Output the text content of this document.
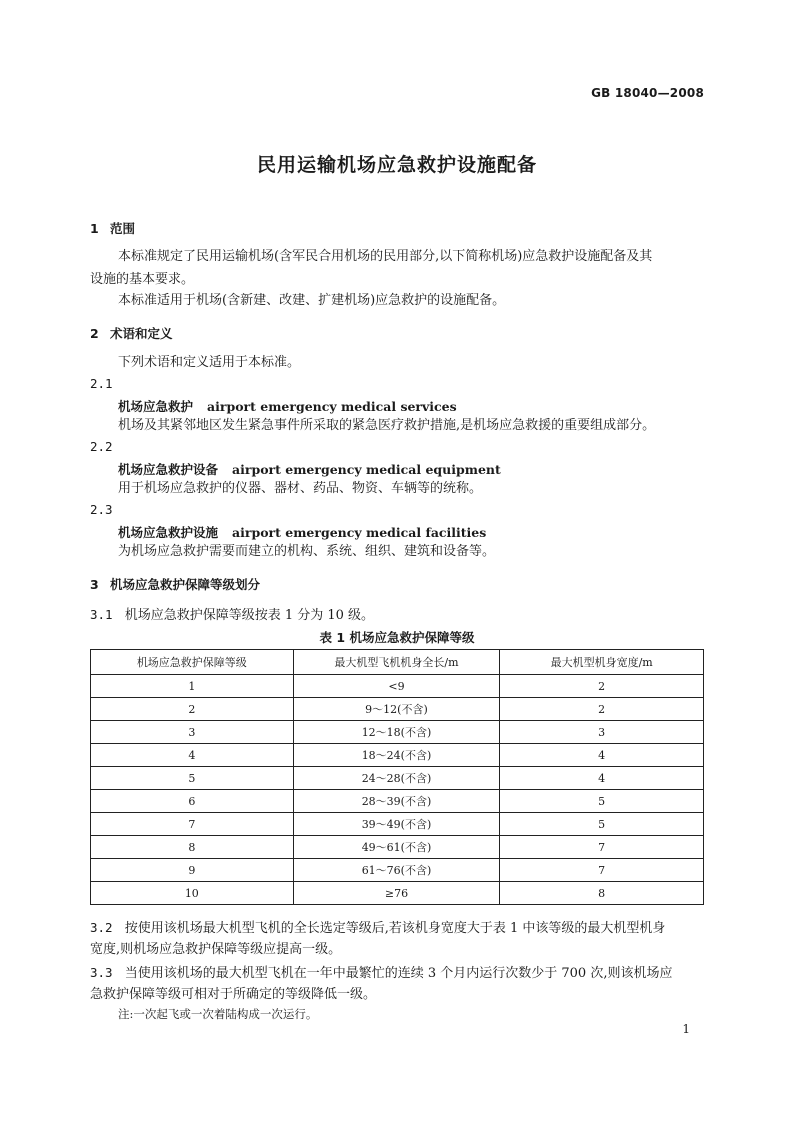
GB 18040—2008
民用运输机场应急救护设施配备
1 范围
本标准规定了民用运输机场(含军民合用机场的民用部分,以下简称机场)应急救护设施配备及其
设施的基本要求。
本标准适用于机场(含新建、改建、扩建机场)应急救护的设施配备。
2 术语和定义
下列术语和定义适用于本标准。
2.1
机场应急救护 airport emergency medical services
机场及其紧邻地区发生紧急事件所采取的紧急医疗救护措施,是机场应急救援的重要组成部分。
2.2
机场应急救护设备 airport emergency medical equipment
用于机场应急救护的仪器、器材、药品、物资、车辆等的统称。
2.3
机场应急救护设施 airport emergency medical facilities
为机场应急救护需要而建立的机构、系统、组织、建筑和设备等。
3 机场应急救护保障等级划分
3.1 机场应急救护保障等级按表 1 分为 10 级。
表 1 机场应急救护保障等级
机场应急救护保障等级	最大机型飞机机身全长/m	最大机型机身宽度/m
1	<9	2
2	9～12(不含)	2
3	12～18(不含)	3
4	18～24(不含)	4
5	24～28(不含)	4
6	28～39(不含)	5
7	39～49(不含)	5
8	49～61(不含)	7
9	61～76(不含)	7
10	≥76	8
3.2 按使用该机场最大机型飞机的全长选定等级后,若该机身宽度大于表 1 中该等级的最大机型机身
宽度,则机场应急救护保障等级应提高一级。
3.3 当使用该机场的最大机型飞机在一年中最繁忙的连续 3 个月内运行次数少于 700 次,则该机场应
急救护保障等级可相对于所确定的等级降低一级。
注:一次起飞或一次着陆构成一次运行。
1
